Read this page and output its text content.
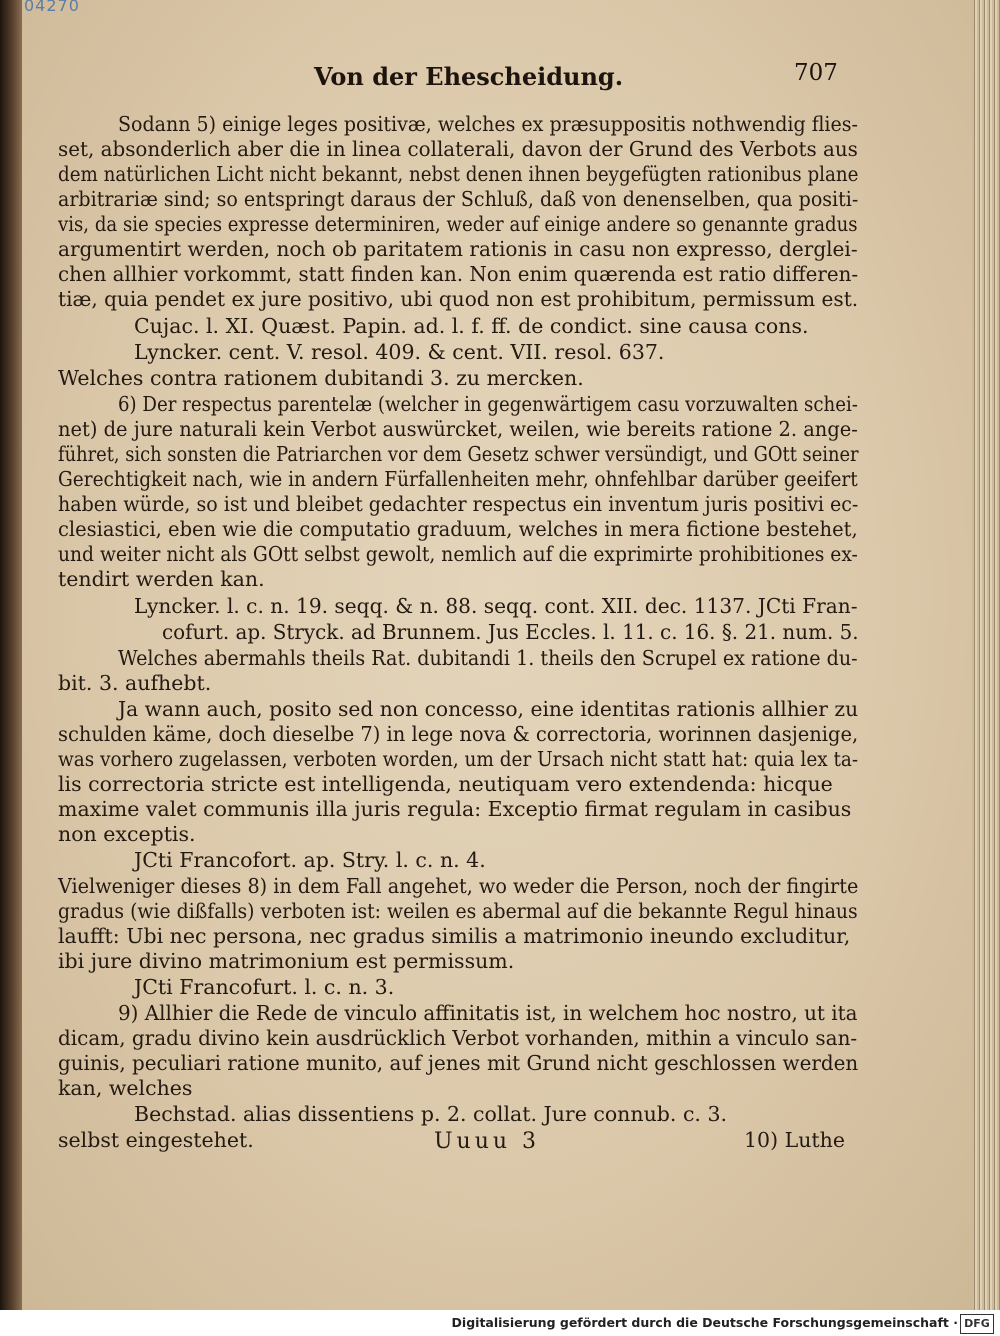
04270
Von der Ehescheidung.	707
Sodann 5) einige leges positivæ, welches ex præsuppositis nothwendig flies-
set, absonderlich aber die in linea collaterali, davon der Grund des Verbots aus
dem natürlichen Licht nicht bekannt, nebst denen ihnen beygefügten rationibus plane
arbitrariæ sind; so entspringt daraus der Schluß, daß von denenselben, qua positi-
vis, da sie species expresse determiniren, weder auf einige andere so genannte gradus
argumentirt werden, noch ob paritatem rationis in casu non expresso, derglei-
chen allhier vorkommt, statt finden kan. Non enim quærenda est ratio differen-
tiæ, quia pendet ex jure positivo, ubi quod non est prohibitum, permissum est.
Cujac. l. XI. Quæst. Papin. ad. l. f. ff. de condict. sine causa cons.
Lyncker. cent. V. resol. 409. & cent. VII. resol. 637.
Welches contra rationem dubitandi 3. zu mercken.
6) Der respectus parentelæ (welcher in gegenwärtigem casu vorzuwalten schei-
net) de jure naturali kein Verbot auswürcket, weilen, wie bereits ratione 2. ange-
führet, sich sonsten die Patriarchen vor dem Gesetz schwer versündigt, und GOtt seiner
Gerechtigkeit nach, wie in andern Fürfallenheiten mehr, ohnfehlbar darüber geeifert
haben würde, so ist und bleibet gedachter respectus ein inventum juris positivi ec-
clesiastici, eben wie die computatio graduum, welches in mera fictione bestehet,
und weiter nicht als GOtt selbst gewolt, nemlich auf die exprimirte prohibitiones ex-
tendirt werden kan.
Lyncker. l. c. n. 19. seqq. & n. 88. seqq. cont. XII. dec. 1137. JCti Fran-
cofurt. ap. Stryck. ad Brunnem. Jus Eccles. l. 11. c. 16. §. 21. num. 5.
Welches abermahls theils Rat. dubitandi 1. theils den Scrupel ex ratione du-
bit. 3. aufhebt.
Ja wann auch, posito sed non concesso, eine identitas rationis allhier zu
schulden käme, doch dieselbe 7) in lege nova & correctoria, worinnen dasjenige,
was vorhero zugelassen, verboten worden, um der Ursach nicht statt hat: quia lex ta-
lis correctoria stricte est intelligenda, neutiquam vero extendenda: hicque
maxime valet communis illa juris regula: Exceptio firmat regulam in casibus
non exceptis.
JCti Francofort. ap. Stry. l. c. n. 4.
Vielweniger dieses 8) in dem Fall angehet, wo weder die Person, noch der fingirte
gradus (wie dißfalls) verboten ist: weilen es abermal auf die bekannte Regul hinaus
laufft: Ubi nec persona, nec gradus similis a matrimonio ineundo excluditur,
ibi jure divino matrimonium est permissum.
JCti Francofurt. l. c. n. 3.
9) Allhier die Rede de vinculo affinitatis ist, in welchem hoc nostro, ut ita
dicam, gradu divino kein ausdrücklich Verbot vorhanden, mithin a vinculo san-
guinis, peculiari ratione munito, auf jenes mit Grund nicht geschlossen werden
kan, welches
Bechstad. alias dissentiens p. 2. collat. Jure connub. c. 3.
selbst eingestehet.	Uuuu 3	10) Luthe
Digitalisierung gefördert durch die Deutsche Forschungsgemeinschaft · DFG
